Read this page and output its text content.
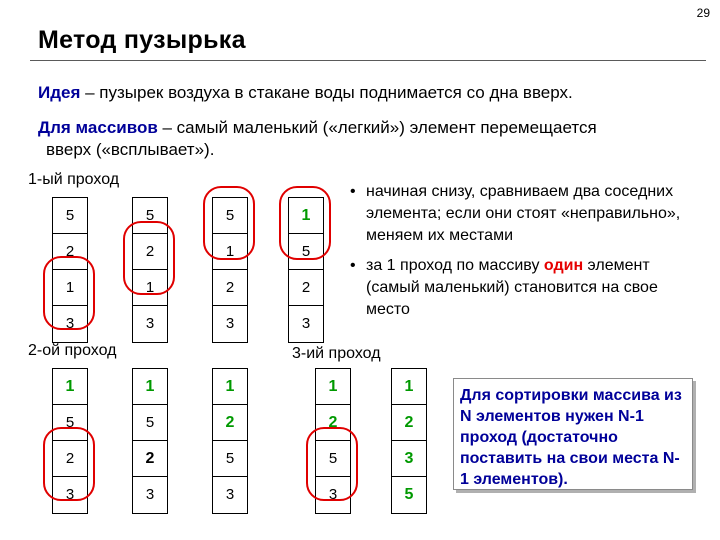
29
Метод пузырька
Идея – пузырек воздуха в стакане воды поднимается со дна вверх.
Для массивов – самый маленький («легкий») элемент перемещается
вверх («всплывает»).
1-ый проход
2-ой проход	3-ий проход
5
2
1
3
5
2
1
3
5
1
2
3
1
5
2
3
• начиная снизу, сравниваем два соседних элемента; если они стоят «неправильно», меняем их местами
• за 1 проход по массиву один элемент (самый маленький) становится на свое место
1
5
2
3
1
5
2
3
1
2
5
3
1
2
5
3
1
2
3
5
Для сортировки массива из N элементов нужен N-1 проход (достаточно поставить на свои места N-1 элементов).
